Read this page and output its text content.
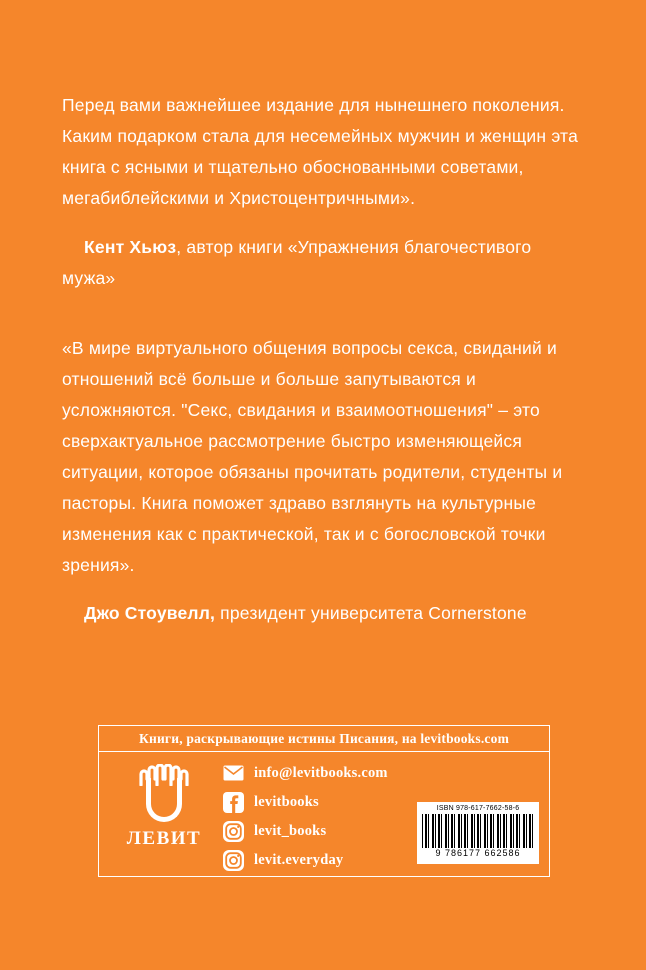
Перед вами важнейшее издание для нынешнего поколения. Каким подарком стала для несемейных мужчин и женщин эта книга с ясными и тщательно обоснованными советами, мегабиблейскими и Христоцентричными».

Кент Хьюз, автор книги «Упражнения благочестивого мужа»

«В мире виртуального общения вопросы секса, свиданий и отношений всё больше и больше запутываются и усложняются. "Секс, свидания и взаимоотношения" – это сверхактуальное рассмотрение быстро изменяющейся ситуации, которое обязаны прочитать родители, студенты и пасторы. Книга поможет здраво взглянуть на культурные изменения как с практической, так и с богословской точки зрения».

Джо Стоувелл, президент университета Cornerstone

Книги, раскрывающие истины Писания, на levitbooks.com
ЛЕВИТ
info@levitbooks.com
levitbooks
levit_books
levit.everyday
ISBN 978-617-7662-58-6
9 786177 662586
